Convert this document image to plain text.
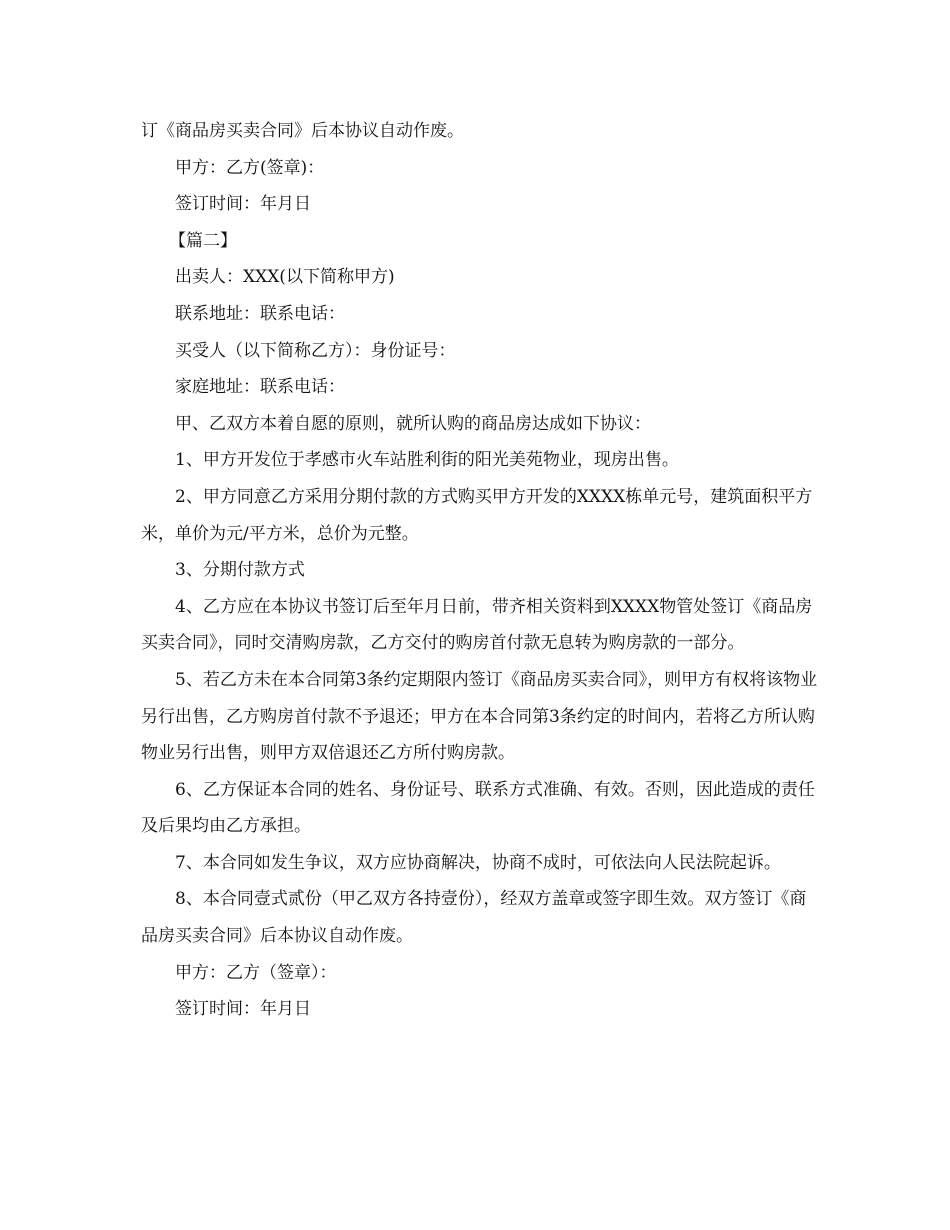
订《商品房买卖合同》后本协议自动作废。

甲方：乙方(签章)：

签订时间：年月日

【篇二】

出卖人：XXX(以下简称甲方)

联系地址：联系电话：

买受人（以下简称乙方）：身份证号：

家庭地址：联系电话：

甲、乙双方本着自愿的原则，就所认购的商品房达成如下协议：

1、甲方开发位于孝感市火车站胜利街的阳光美苑物业，现房出售。

2、甲方同意乙方采用分期付款的方式购买甲方开发的XXXX栋单元号，建筑面积平方米，单价为元/平方米，总价为元整。

3、分期付款方式

4、乙方应在本协议书签订后至年月日前，带齐相关资料到XXXX物管处签订《商品房买卖合同》，同时交清购房款，乙方交付的购房首付款无息转为购房款的一部分。

5、若乙方未在本合同第3条约定期限内签订《商品房买卖合同》，则甲方有权将该物业另行出售，乙方购房首付款不予退还；甲方在本合同第3条约定的时间内，若将乙方所认购物业另行出售，则甲方双倍退还乙方所付购房款。

6、乙方保证本合同的姓名、身份证号、联系方式准确、有效。否则，因此造成的责任及后果均由乙方承担。

7、本合同如发生争议，双方应协商解决，协商不成时，可依法向人民法院起诉。

8、本合同壹式贰份（甲乙双方各持壹份），经双方盖章或签字即生效。双方签订《商品房买卖合同》后本协议自动作废。

甲方：乙方（签章）：

签订时间：年月日
